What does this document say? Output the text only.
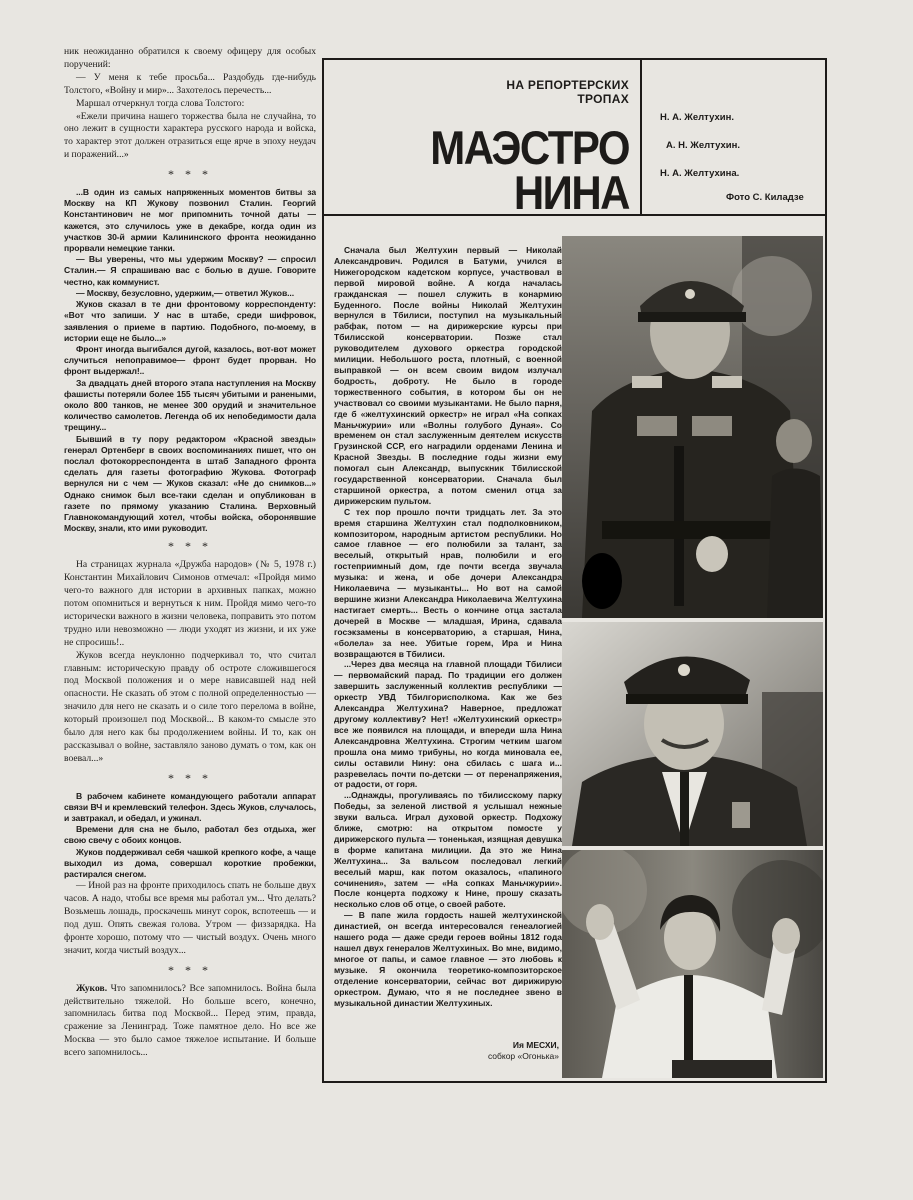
ник неожиданно обратился к своему офицеру для особых поручений:

— У меня к тебе просьба... Раздобудь где-нибудь Толстого, «Войну и мир»... Захотелось перечесть...

Маршал отчеркнул тогда слова Толстого:

«Ежели причина нашего торжества была не случайна, то оно лежит в сущности характера русского народа и войска, то характер этот должен отразиться еще ярче в эпоху неудач и поражений...»

* * *

...В один из самых напряженных моментов битвы за Москву на КП Жукову позвонил Сталин. Георгий Константинович не мог припомнить точной даты — кажется, это случилось уже в декабре, когда один из участков 30-й армии Калининского фронта неожиданно прорвали немецкие танки.

— Вы уверены, что мы удержим Москву? — спросил Сталин.— Я спрашиваю вас с болью в душе. Говорите честно, как коммунист.

— Москву, безусловно, удержим,— ответил Жуков...

Жуков сказал в те дни фронтовому корреспонденту: «Вот что запиши. У нас в штабе, среди шифровок, заявления о приеме в партию. Подобного, по-моему, в истории еще не было...»

Фронт иногда выгибался дугой, казалось, вот-вот может случиться непоправимое— фронт будет прорван. Но фронт выдержал!..

За двадцать дней второго этапа наступления на Москву фашисты потеряли более 155 тысяч убитыми и ранеными, около 800 танков, не менее 300 орудий и значительное количество самолетов. Легенда об их непобедимости дала трещину...

Бывший в ту пору редактором «Красной звезды» генерал Ортенберг в своих воспоминаниях пишет, что он послал фотокорреспондента в штаб Западного фронта сделать для газеты фотографию Жукова. Фотограф вернулся ни с чем — Жуков сказал: «Не до снимков...» Однако снимок был все-таки сделан и опубликован в газете по прямому указанию Сталина. Верховный Главнокомандующий хотел, чтобы войска, оборонявшие Москву, знали, кто ими руководит.

* * *

На страницах журнала «Дружба народов» (№ 5, 1978 г.) Константин Михайлович Симонов отмечал: «Пройдя мимо чего-то важного для истории в архивных папках, можно потом опомниться и вернуться к ним. Пройдя мимо чего-то исторически важного в жизни человека, поправить это потом трудно или невозможно — люди уходят из жизни, и их уже не спросишь!..

Жуков всегда неуклонно подчеркивал то, что считал главным: историческую правду об остроте сложившегося под Москвой положения и о мере нависавшей над ней опасности. Не сказать об этом с полной определенностью — значило для него не сказать и о силе того перелома в войне, который произошел под Москвой... В каком-то смысле это было для него как бы продолжением войны. И то, как он рассказывал о войне, заставляло заново думать о том, как он воевал...»

* * *

В рабочем кабинете командующего работали аппарат связи ВЧ и кремлевский телефон. Здесь Жуков, случалось, и завтракал, и обедал, и ужинал.

Времени для сна не было, работал без отдыха, жег свою свечу с обоих концов.

Жуков поддерживал себя чашкой крепкого кофе, а чаще выходил из дома, совершал короткие пробежки, растирался снегом.

— Иной раз на фронте приходилось спать не больше двух часов. А надо, чтобы все время мы работал ум... Что делать? Возьмешь лошадь, проскачешь минут сорок, вспотеешь — и под душ. Опять свежая голова. Утром — физзарядка. На фронте хорошо, потому что — чистый воздух. Очень много значит, когда чистый воздух...

* * *

Жуков. Что запомнилось? Все запомнилось. Война была действительно тяжелой. Но больше всего, конечно, запомнилась битва под Москвой... Перед этим, правда, сражение за Ленинград. Тоже памятное дело. Но все же Москва — это было самое тяжелое испытание. И больше всего запомнилось...

НА РЕПОРТЕРСКИХ
ТРОПАХ
МАЭСТРО
НИНА
Н. А. Желтухин.
А. Н. Желтухин.
Н. А. Желтухина.
Фото С. Киладзе

Сначала был Желтухин первый — Николай Александрович. Родился в Батуми, учился в Нижегородском кадетском корпусе, участвовал в первой мировой войне. А когда началась гражданская — пошел служить в конармию Буденного. После войны Николай Желтухин вернулся в Тбилиси, поступил на музыкальный рабфак, потом — на дирижерские курсы при Тбилисской консерватории. Позже стал руководителем духового оркестра городской милиции. Небольшого роста, плотный, с военной выправкой — он всем своим видом излучал бодрость, доброту. Не было в городе торжественного события, в котором бы он не участвовал со своими музыкантами. Не было парня, где б «желтухинский оркестр» не играл «На сопках Маньчжурии» или «Волны голубого Дуная». Со временем он стал заслуженным деятелем искусств Грузинской ССР, его наградили орденами Ленина и Красной Звезды. В последние годы жизни ему помогал сын Александр, выпускник Тбилисской государственной консерватории. Сначала был старшиной оркестра, а потом сменил отца за дирижерским пультом.

С тех пор прошло почти тридцать лет. За это время старшина Желтухин стал подполковником, композитором, народным артистом республики. Но самое главное — его полюбили за талант, за веселый, открытый нрав, полюбили и его гостеприимный дом, где почти всегда звучала музыка: и жена, и обе дочери Александра Николаевича — музыканты... Но вот на самой вершине жизни Александра Николаевича Желтухина настигает смерть... Весть о кончине отца застала дочерей в Москве — младшая, Ирина, сдавала госэкзамены в консерваторию, а старшая, Нина, «болела» за нее. Убитые горем, Ира и Нина возвращаются в Тбилиси.

...Через два месяца на главной площади Тбилиси — первомайский парад. По традиции его должен завершить заслуженный коллектив республики — оркестр УВД Тбилгорисполкома. Как же без Александра Желтухина? Наверное, предложат другому коллективу? Нет! «Желтухинский оркестр» все же появился на площади, и впереди шла Нина Александровна Желтухина. Строгим четким шагом прошла она мимо трибуны, но когда миновала ее, силы оставили Нину: она сбилась с шага и... разревелась почти по-детски — от перенапряжения, от радости, от горя.

...Однажды, прогуливаясь по тбилисскому парку Победы, за зеленой листвой я услышал нежные звуки вальса. Играл духовой оркестр. Подхожу ближе, смотрю: на открытом помосте у дирижерского пульта — тоненькая, изящная девушка в форме капитана милиции. Да это же Нина Желтухина... За вальсом последовал легкий веселый марш, как потом оказалось, «папиного сочинения», затем — «На сопках Маньчжурии». После концерта подхожу к Нине, прошу сказать несколько слов об отце, о своей работе.

— В папе жила гордость нашей желтухинской династией, он всегда интересовался генеалогией нашего рода — даже среди героев войны 1812 года нашел двух генералов Желтухиных. Во мне, видимо, многое от папы, и самое главное — это любовь к музыке. Я окончила теоретико-композиторское отделение консерватории, сейчас вот дирижирую оркестром. Думаю, что я не последнее звено в музыкальной династии Желтухиных.

Ия МЕСХИ,
собкор «Огонька»
